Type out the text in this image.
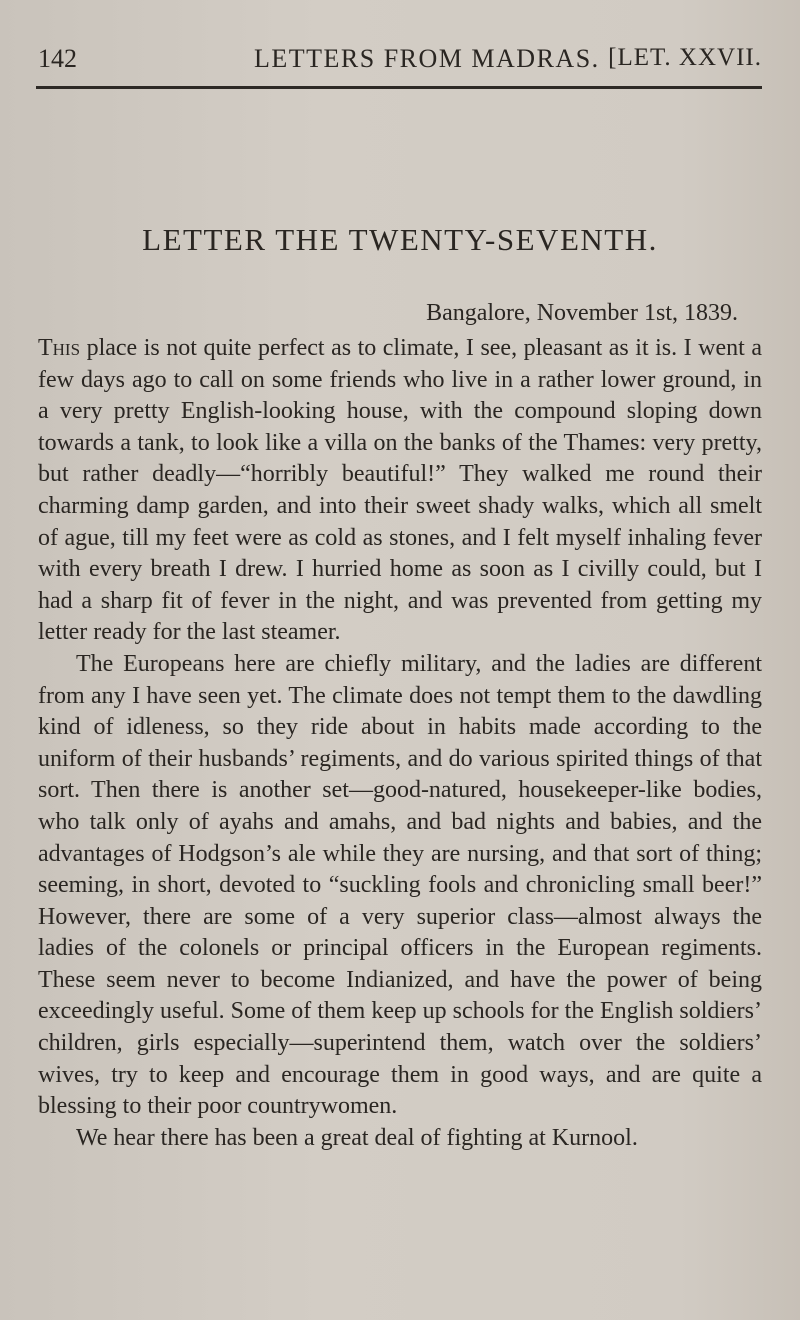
142	LETTERS FROM MADRAS. [LET. XXVII.
LETTER THE TWENTY-SEVENTH.
Bangalore, November 1st, 1839.

This place is not quite perfect as to climate, I see, pleasant as it is. I went a few days ago to call on some friends who live in a rather lower ground, in a very pretty English-looking house, with the compound sloping down towards a tank, to look like a villa on the banks of the Thames: very pretty, but rather deadly—“horribly beautiful!” They walked me round their charming damp garden, and into their sweet shady walks, which all smelt of ague, till my feet were as cold as stones, and I felt myself inhaling fever with every breath I drew. I hurried home as soon as I civilly could, but I had a sharp fit of fever in the night, and was prevented from getting my letter ready for the last steamer.

The Europeans here are chiefly military, and the ladies are different from any I have seen yet. The climate does not tempt them to the dawdling kind of idleness, so they ride about in habits made according to the uniform of their husbands’ regiments, and do various spirited things of that sort. Then there is another set—good-natured, housekeeper-like bodies, who talk only of ayahs and amahs, and bad nights and babies, and the advantages of Hodgson’s ale while they are nursing, and that sort of thing; seeming, in short, devoted to “suckling fools and chronicling small beer!” However, there are some of a very superior class—almost always the ladies of the colonels or principal officers in the European regiments. These seem never to become Indianized, and have the power of being exceedingly useful. Some of them keep up schools for the English soldiers’ children, girls especially—superintend them, watch over the soldiers’ wives, try to keep and encourage them in good ways, and are quite a blessing to their poor countrywomen.

We hear there has been a great deal of fighting at Kurnool.
